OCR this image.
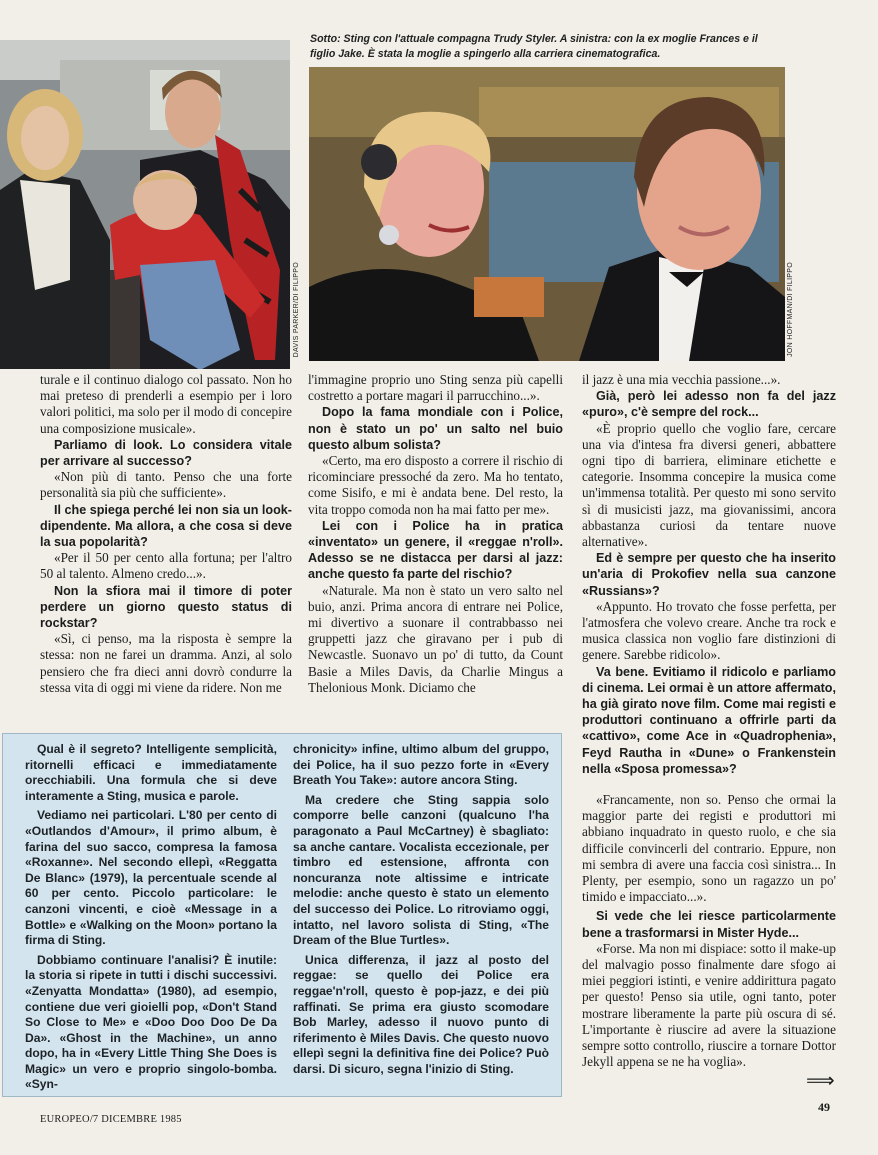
DAVIS PARKER/DI FILIPPO
Sotto: Sting con l'attuale compagna Trudy Styler. A sinistra: con la ex moglie Frances e il figlio Jake. È stata la moglie a spingerlo alla carriera cinematografica.
JON HOFFMAN/DI FILIPPO

turale e il continuo dialogo col passato. Non ho mai preteso di prenderli a esempio per i loro valori politici, ma solo per il modo di concepire una composizione musicale».

Parliamo di look. Lo considera vitale per arrivare al successo?

«Non più di tanto. Penso che una forte personalità sia più che sufficiente».

Il che spiega perché lei non sia un look-dipendente. Ma allora, a che cosa si deve la sua popolarità?

«Per il 50 per cento alla fortuna; per l'altro 50 al talento. Almeno credo...».

Non la sfiora mai il timore di poter perdere un giorno questo status di rockstar?

«Sì, ci penso, ma la risposta è sempre la stessa: non ne farei un dramma. Anzi, al solo pensiero che fra dieci anni dovrò condurre la stessa vita di oggi mi viene da ridere. Non me

l'immagine proprio uno Sting senza più capelli costretto a portare magari il parrucchino...».

Dopo la fama mondiale con i Police, non è stato un po' un salto nel buio questo album solista?

«Certo, ma ero disposto a correre il rischio di ricominciare pressoché da zero. Ma ho tentato, come Sisifo, e mi è andata bene. Del resto, la vita troppo comoda non ha mai fatto per me».

Lei con i Police ha in pratica «inventato» un genere, il «reggae n'roll». Adesso se ne distacca per darsi al jazz: anche questo fa parte del rischio?

«Naturale. Ma non è stato un vero salto nel buio, anzi. Prima ancora di entrare nei Police, mi divertivo a suonare il contrabbasso nei gruppetti jazz che giravano per i pub di Newcastle. Suonavo un po' di tutto, da Count Basie a Miles Davis, da Charlie Mingus a Thelonious Monk. Diciamo che

il jazz è una mia vecchia passione...».

Già, però lei adesso non fa del jazz «puro», c'è sempre del rock...

«È proprio quello che voglio fare, cercare una via d'intesa fra diversi generi, abbattere ogni tipo di barriera, eliminare etichette e categorie. Insomma concepire la musica come un'immensa totalità. Per questo mi sono servito sì di musicisti jazz, ma giovanissimi, ancora abbastanza curiosi da tentare nuove alternative».

Ed è sempre per questo che ha inserito un'aria di Prokofiev nella sua canzone «Russians»?

«Appunto. Ho trovato che fosse perfetta, per l'atmosfera che volevo creare. Anche tra rock e musica classica non voglio fare distinzioni di genere. Sarebbe ridicolo».

Va bene. Evitiamo il ridicolo e parliamo di cinema. Lei ormai è un attore affermato, ha già girato nove film. Come mai registi e produttori continuano a offrirle parti da «cattivo», come Ace in «Quadrophenia», Feyd Rautha in «Dune» o Frankenstein nella «Sposa promessa»?

«Francamente, non so. Penso che ormai la maggior parte dei registi e produttori mi abbiano inquadrato in questo ruolo, e che sia difficile convincerli del contrario. Eppure, non mi sembra di avere una faccia così sinistra... In Plenty, per esempio, sono un ragazzo un po' timido e impacciato...».

Si vede che lei riesce particolarmente bene a trasformarsi in Mister Hyde...

«Forse. Ma non mi dispiace: sotto il make-up del malvagio posso finalmente dare sfogo ai miei peggiori istinti, e venire addirittura pagato per questo! Penso sia utile, ogni tanto, poter mostrare liberamente la parte più oscura di sé. L'importante è riuscire ad avere la situazione sempre sotto controllo, riuscire a tornare Dottor Jekyll appena se ne ha voglia».

Qual è il segreto? Intelligente semplicità, ritornelli efficaci e immediatamente orecchiabili. Una formula che si deve interamente a Sting, musica e parole.

Vediamo nei particolari. L'80 per cento di «Outlandos d'Amour», il primo album, è farina del suo sacco, compresa la famosa «Roxanne». Nel secondo ellepì, «Reggatta De Blanc» (1979), la percentuale scende al 60 per cento. Piccolo particolare: le canzoni vincenti, e cioè «Message in a Bottle» e «Walking on the Moon» portano la firma di Sting.

Dobbiamo continuare l'analisi? È inutile: la storia si ripete in tutti i dischi successivi. «Zenyatta Mondatta» (1980), ad esempio, contiene due veri gioielli pop, «Don't Stand So Close to Me» e «Doo Doo Doo De Da Da». «Ghost in the Machine», un anno dopo, ha in «Every Little Thing She Does is Magic» un vero e proprio singolo-bomba. «Syn-

chronicity» infine, ultimo album del gruppo, dei Police, ha il suo pezzo forte in «Every Breath You Take»: autore ancora Sting.

Ma credere che Sting sappia solo comporre belle canzoni (qualcuno l'ha paragonato a Paul McCartney) è sbagliato: sa anche cantare. Vocalista eccezionale, per timbro ed estensione, affronta con noncuranza note altissime e intricate melodie: anche questo è stato un elemento del successo dei Police. Lo ritroviamo oggi, intatto, nel lavoro solista di Sting, «The Dream of the Blue Turtles».

Unica differenza, il jazz al posto del reggae: se quello dei Police era reggae'n'roll, questo è pop-jazz, e dei più raffinati. Se prima era giusto scomodare Bob Marley, adesso il nuovo punto di riferimento è Miles Davis. Che questo nuovo ellepì segni la definitiva fine dei Police? Può darsi. Di sicuro, segna l'inizio di Sting.

⟹
EUROPEO/7 DICEMBRE 1985
49
